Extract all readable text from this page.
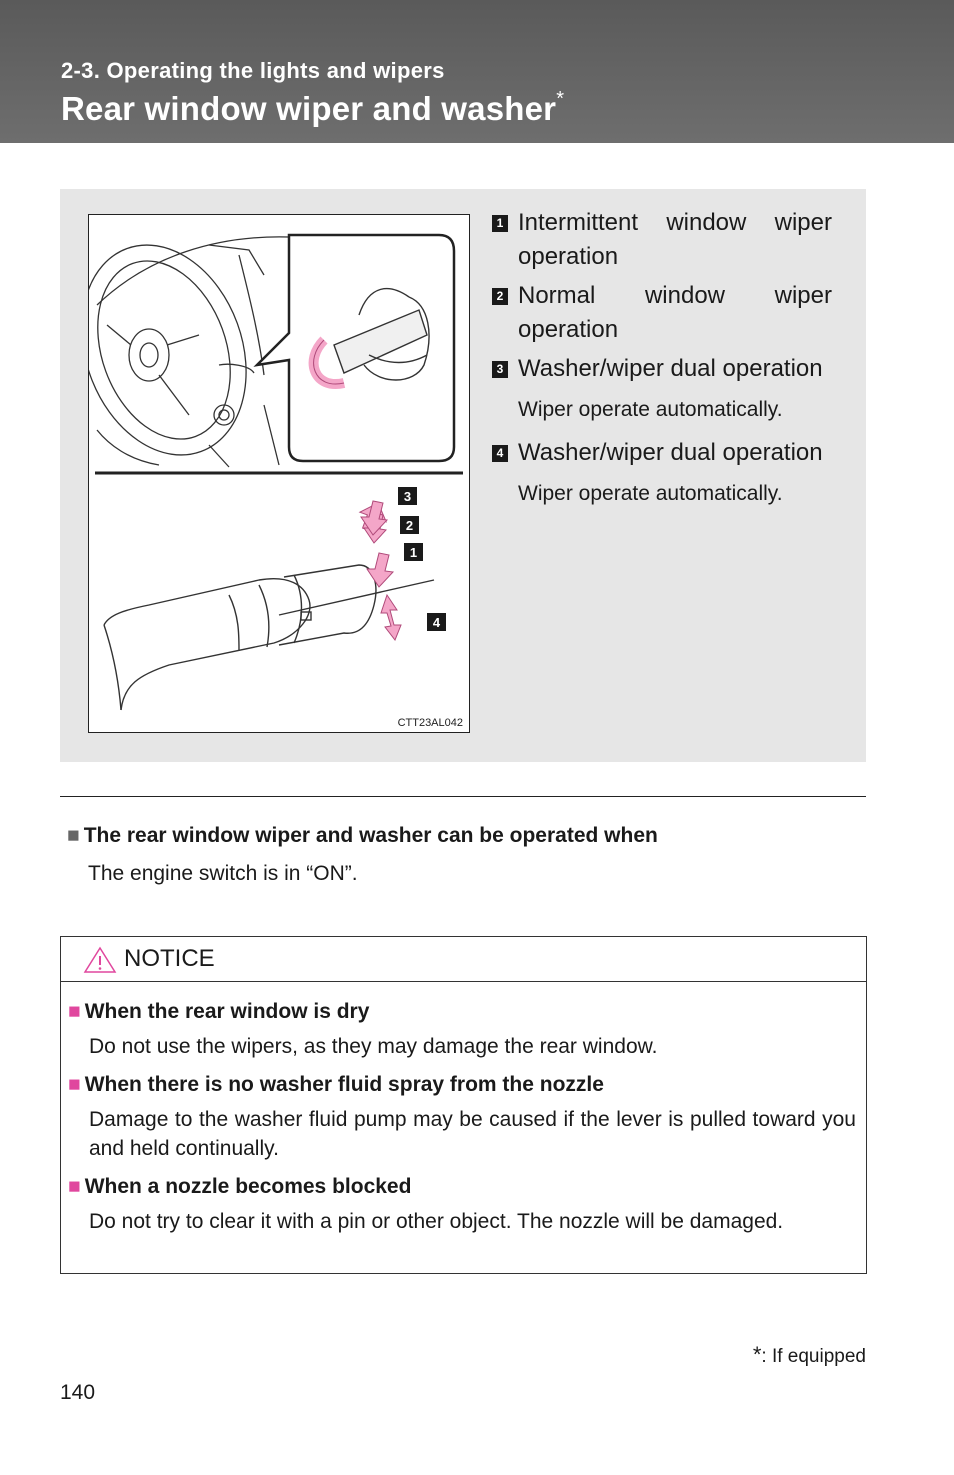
2-3. Operating the lights and wipers
Rear window wiper and washer*
3
2
1
4
CTT23AL042
1 Intermittent window wiper operation
2 Normal window wiper operation
3 Washer/wiper dual operation
Wiper operate automatically.
4 Washer/wiper dual operation
Wiper operate automatically.
■ The rear window wiper and washer can be operated when
The engine switch is in “ON”.
NOTICE
■ When the rear window is dry
Do not use the wipers, as they may damage the rear window.
■ When there is no washer fluid spray from the nozzle
Damage to the washer fluid pump may be caused if the lever is pulled toward you and held continually.
■ When a nozzle becomes blocked
Do not try to clear it with a pin or other object. The nozzle will be damaged.
*: If equipped
140
